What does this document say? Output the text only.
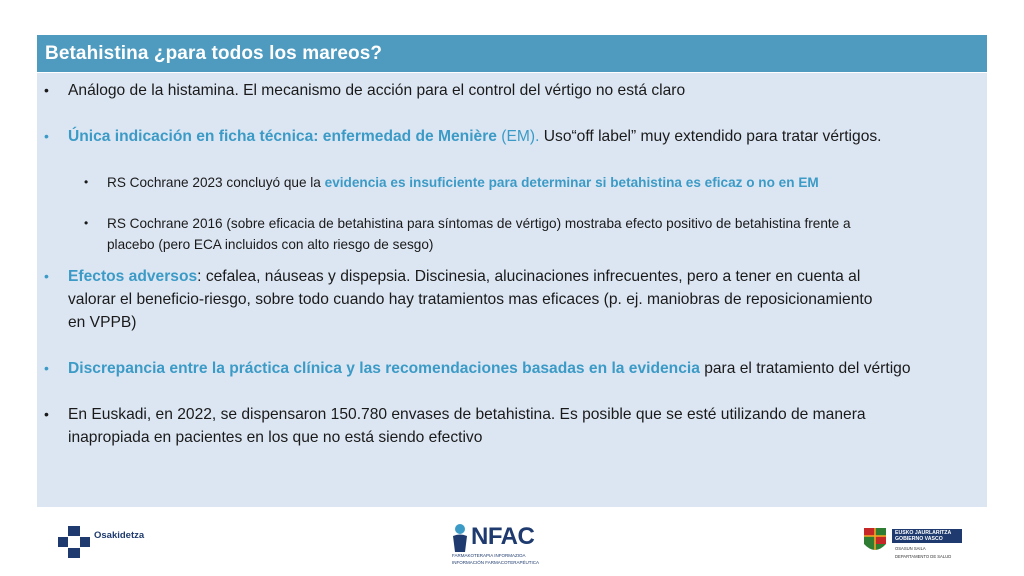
Betahistina ¿para todos los mareos?
• Análogo de la histamina. El mecanismo de acción para el control del vértigo no está claro
• Única indicación en ficha técnica: enfermedad de Menière (EM). Uso“off label” muy extendido para tratar vértigos.
• RS Cochrane 2023 concluyó que la evidencia es insuficiente para determinar si betahistina es eficaz o no en EM
• RS Cochrane 2016 (sobre eficacia de betahistina para síntomas de vértigo) mostraba efecto positivo de betahistina frente a
placebo (pero ECA incluidos con alto riesgo de sesgo)
• Efectos adversos: cefalea, náuseas y dispepsia. Discinesia, alucinaciones infrecuentes, pero a tener en cuenta al
valorar el beneficio-riesgo, sobre todo cuando hay tratamientos mas eficaces (p. ej. maniobras de reposicionamiento
en VPPB)
• Discrepancia entre la práctica clínica y las recomendaciones basadas en la evidencia para el tratamiento del vértigo
• En Euskadi, en 2022, se dispensaron 150.780 envases de betahistina. Es posible que se esté utilizando de manera
inapropiada en pacientes en los que no está siendo efectivo
Osakidetza	NFAC
FARMAKOTERAPIA INFORMAZIOA
INFORMACIÓN FARMACOTERAPÉUTICA
EUSKO JAURLARITZA
GOBIERNO VASCO
OSASUN SAILA
DEPARTAMENTO DE SALUD
